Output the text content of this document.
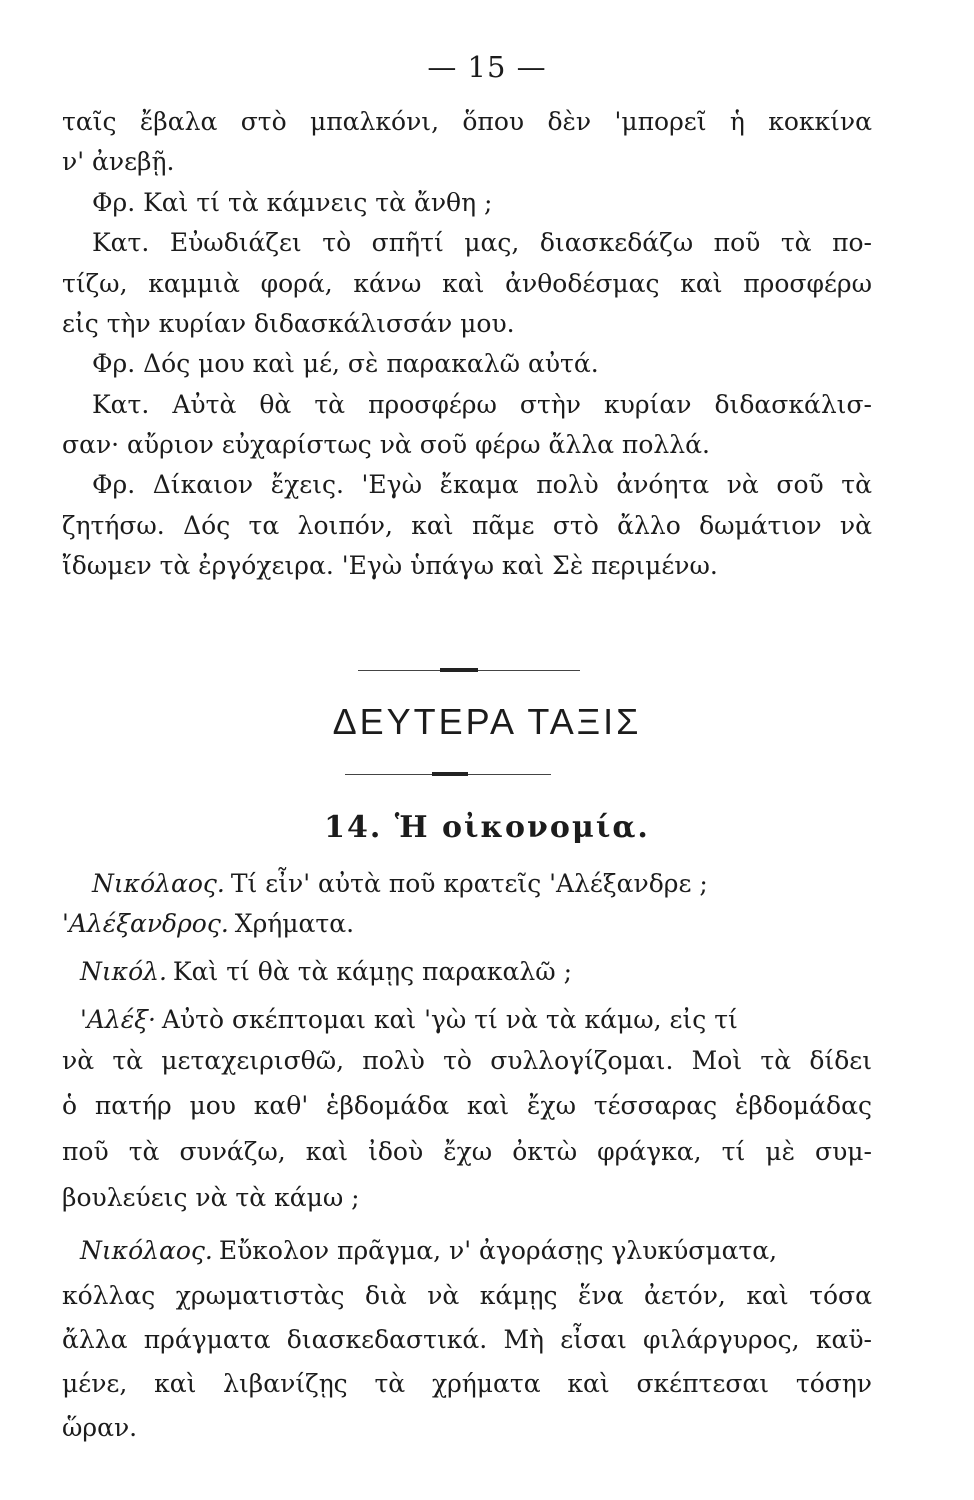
— 15 —
ταῖς ἔβαλα στὸ μπαλκόνι, ὅπου δὲν 'μπορεῖ ἡ κοκκίνα
ν' ἀνεβῇ.
Φρ. Καὶ τί τὰ κάμνεις τὰ ἄνθη ;
Κατ. Εὐωδιάζει τὸ σπῆτί μας, διασκεδάζω ποῦ τὰ πο-
τίζω, καμμιὰ φορά, κάνω καὶ ἀνθοδέσμας καὶ προσφέρω
εἰς τὴν κυρίαν διδασκάλισσάν μου.
Φρ. Δός μου καὶ μέ, σὲ παρακαλῶ αὐτά.
Κατ. Αὐτὰ θὰ τὰ προσφέρω στὴν κυρίαν διδασκάλισ-
σαν· αὔριον εὐχαρίστως νὰ σοῦ φέρω ἄλλα πολλά.
Φρ. Δίκαιον ἔχεις. 'Εγὼ ἔκαμα πολὺ ἀνόητα νὰ σοῦ τὰ
ζητήσω. Δός τα λοιπόν, καὶ πᾶμε στὸ ἄλλο δωμάτιον νὰ
ἴδωμεν τὰ ἐργόχειρα. 'Εγὼ ὑπάγω καὶ Σὲ περιμένω.
ΔΕΥΤΕΡΑ ΤΑΞΙΣ
14. Ἡ οἰκονομία.
Νικόλαος. Τί εἶν' αὐτὰ ποῦ κρατεῖς 'Αλέξανδρε ;
'Αλέξανδρος. Χρήματα.
Νικόλ. Καὶ τί θὰ τὰ κάμῃς παρακαλῶ ;
'Αλέξ· Αὐτὸ σκέπτομαι καὶ 'γὼ τί νὰ τὰ κάμω, εἰς τί
νὰ τὰ μεταχειρισθῶ, πολὺ τὸ συλλογίζομαι. Μοὶ τὰ δίδει
ὁ πατήρ μου καθ' ἑβδομάδα καὶ ἔχω τέσσαρας ἑβδομάδας
ποῦ τὰ συνάζω, καὶ ἰδοὺ ἔχω ὀκτὼ φράγκα, τί μὲ συμ-
βουλεύεις νὰ τὰ κάμω ;
Νικόλαος. Εὔκολον πρᾶγμα, ν' ἀγοράσῃς γλυκύσματα,
κόλλας χρωματιστὰς διὰ νὰ κάμῃς ἕνα ἀετόν, καὶ τόσα
ἄλλα πράγματα διασκεδαστικά. Μὴ εἶσαι φιλάργυρος, καϋ-
μένε, καὶ λιβανίζῃς τὰ χρήματα καὶ σκέπτεσαι τόσην
ὥραν.
